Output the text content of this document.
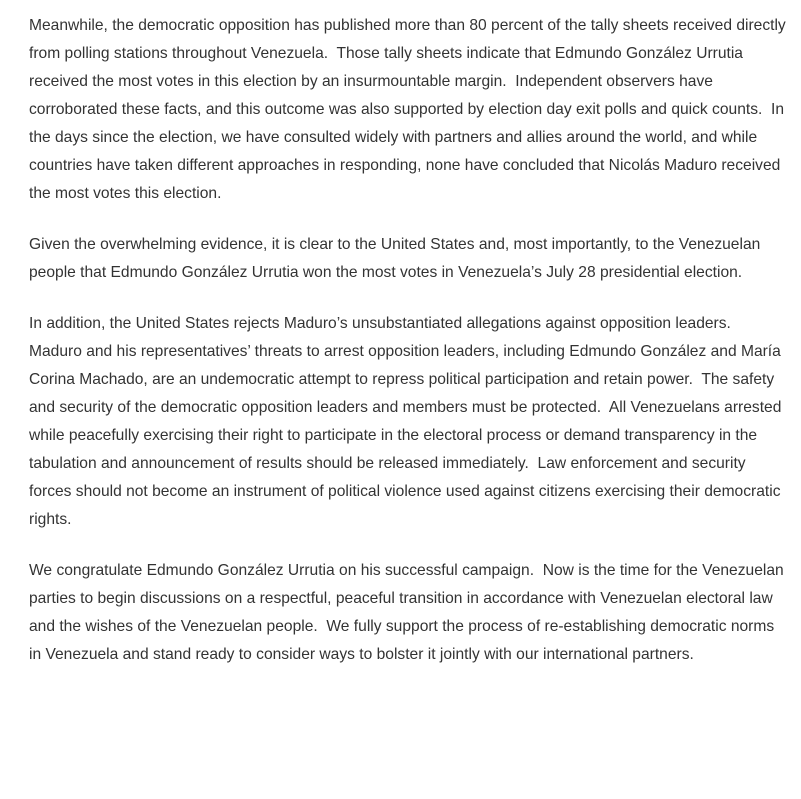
Meanwhile, the democratic opposition has published more than 80 percent of the tally sheets received directly from polling stations throughout Venezuela.  Those tally sheets indicate that Edmundo González Urrutia received the most votes in this election by an insurmountable margin.  Independent observers have corroborated these facts, and this outcome was also supported by election day exit polls and quick counts.  In the days since the election, we have consulted widely with partners and allies around the world, and while countries have taken different approaches in responding, none have concluded that Nicolás Maduro received the most votes this election.

Given the overwhelming evidence, it is clear to the United States and, most importantly, to the Venezuelan people that Edmundo González Urrutia won the most votes in Venezuela’s July 28 presidential election.

In addition, the United States rejects Maduro’s unsubstantiated allegations against opposition leaders.  Maduro and his representatives’ threats to arrest opposition leaders, including Edmundo González and María Corina Machado, are an undemocratic attempt to repress political participation and retain power.  The safety and security of the democratic opposition leaders and members must be protected.  All Venezuelans arrested while peacefully exercising their right to participate in the electoral process or demand transparency in the tabulation and announcement of results should be released immediately.  Law enforcement and security forces should not become an instrument of political violence used against citizens exercising their democratic rights.

We congratulate Edmundo González Urrutia on his successful campaign.  Now is the time for the Venezuelan parties to begin discussions on a respectful, peaceful transition in accordance with Venezuelan electoral law and the wishes of the Venezuelan people.  We fully support the process of re-establishing democratic norms in Venezuela and stand ready to consider ways to bolster it jointly with our international partners.
